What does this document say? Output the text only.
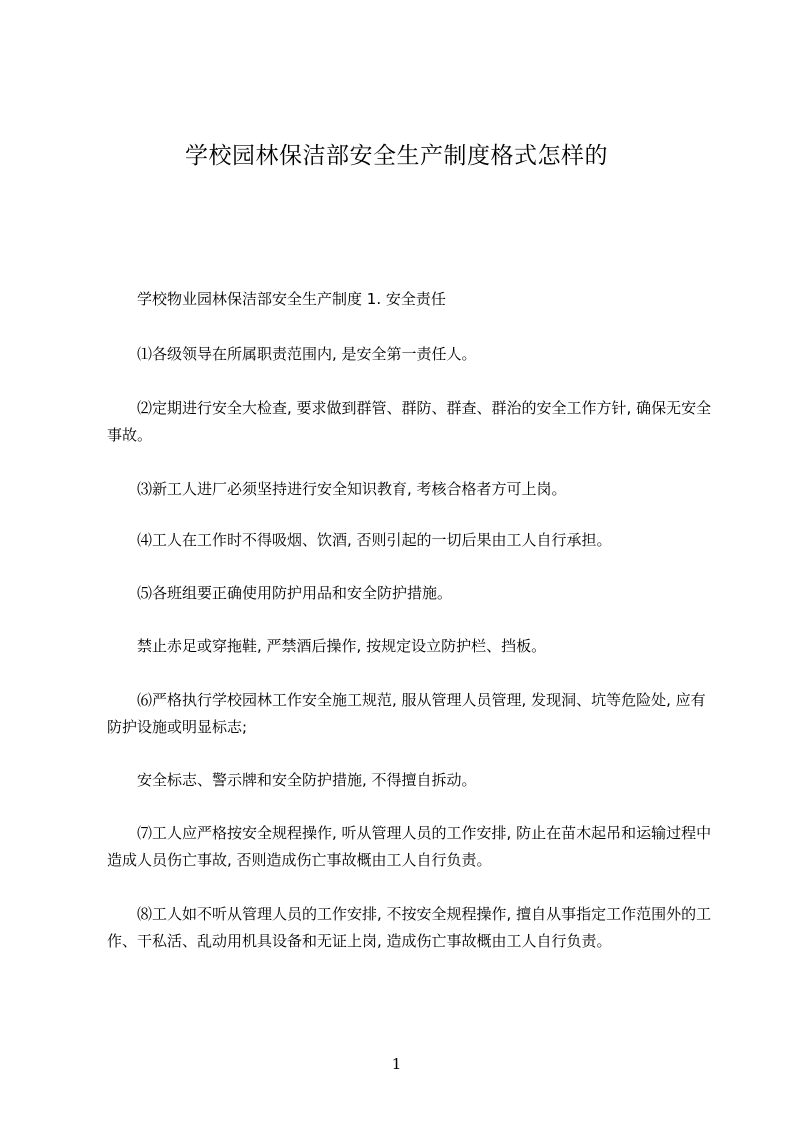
学校园林保洁部安全生产制度格式怎样的

学校物业园林保洁部安全生产制度 1. 安全责任

⑴各级领导在所属职责范围内, 是安全第一责任人。

⑵定期进行安全大检查, 要求做到群管、群防、群查、群治的安全工作方针, 确保无安全事故。

⑶新工人进厂必须坚持进行安全知识教育, 考核合格者方可上岗。

⑷工人在工作时不得吸烟、饮酒, 否则引起的一切后果由工人自行承担。

⑸各班组要正确使用防护用品和安全防护措施。

禁止赤足或穿拖鞋, 严禁酒后操作, 按规定设立防护栏、挡板。

⑹严格执行学校园林工作安全施工规范, 服从管理人员管理, 发现洞、坑等危险处, 应有防护设施或明显标志;

安全标志、警示牌和安全防护措施, 不得擅自拆动。

⑺工人应严格按安全规程操作, 听从管理人员的工作安排, 防止在苗木起吊和运输过程中造成人员伤亡事故, 否则造成伤亡事故概由工人自行负责。

⑻工人如不听从管理人员的工作安排, 不按安全规程操作, 擅自从事指定工作范围外的工作、干私活、乱动用机具设备和无证上岗, 造成伤亡事故概由工人自行负责。

1
